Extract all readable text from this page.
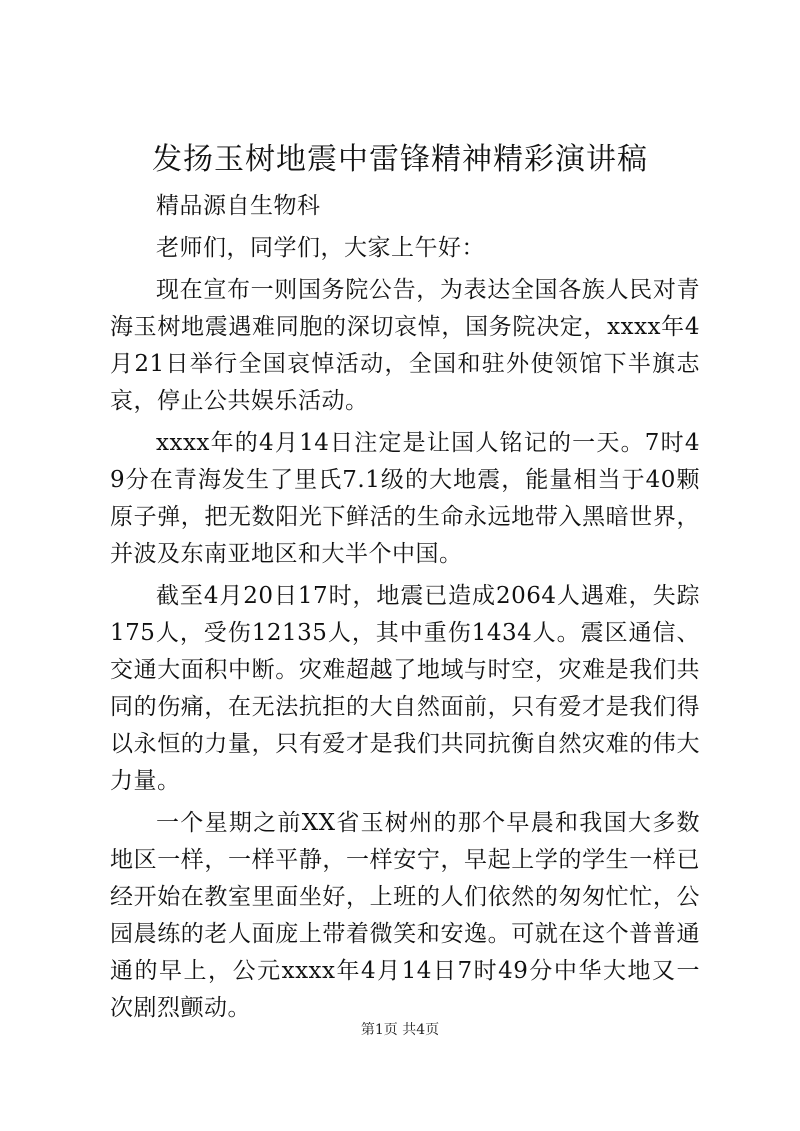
发扬玉树地震中雷锋精神精彩演讲稿

精品源自生物科

老师们，同学们，大家上午好：

现在宣布一则国务院公告，为表达全国各族人民对青海玉树地震遇难同胞的深切哀悼，国务院决定，xxxx年4月21日举行全国哀悼活动，全国和驻外使领馆下半旗志哀，停止公共娱乐活动。

xxxx年的4月14日注定是让国人铭记的一天。7时49分在青海发生了里氏7.1级的大地震，能量相当于40颗原子弹，把无数阳光下鲜活的生命永远地带入黑暗世界，并波及东南亚地区和大半个中国。

截至4月20日17时，地震已造成2064人遇难，失踪175人，受伤12135人，其中重伤1434人。震区通信、交通大面积中断。灾难超越了地域与时空，灾难是我们共同的伤痛，在无法抗拒的大自然面前，只有爱才是我们得以永恒的力量，只有爱才是我们共同抗衡自然灾难的伟大力量。

一个星期之前XX省玉树州的那个早晨和我国大多数地区一样，一样平静，一样安宁，早起上学的学生一样已经开始在教室里面坐好，上班的人们依然的匆匆忙忙，公园晨练的老人面庞上带着微笑和安逸。可就在这个普普通通的早上，公元xxxx年4月14日7时49分中华大地又一次剧烈颤动。

第1页 共4页
